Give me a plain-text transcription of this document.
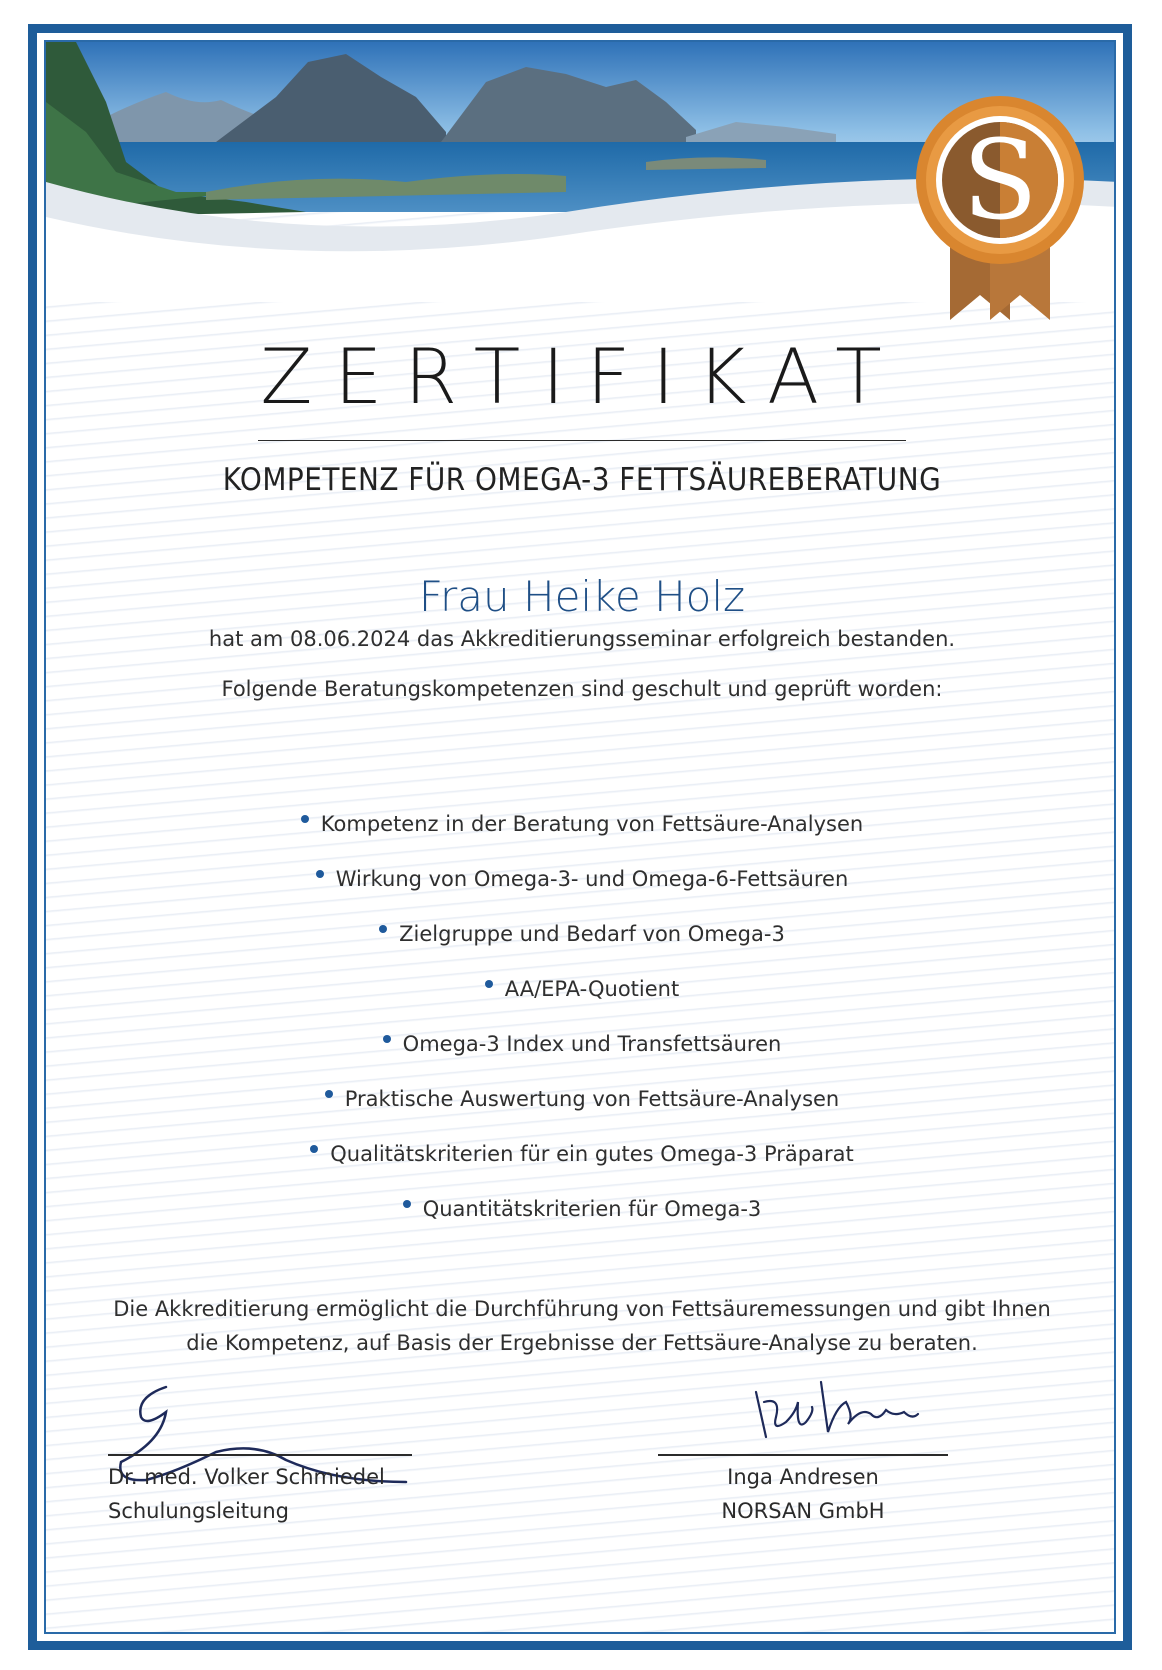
S
ZERTIFIKAT
KOMPETENZ FÜR OMEGA-3 FETTSÄUREBERATUNG
Frau Heike Holz
hat am 08.06.2024 das Akkreditierungsseminar erfolgreich bestanden.
Folgende Beratungskompetenzen sind geschult und geprüft worden:
Kompetenz in der Beratung von Fettsäure-Analysen
Wirkung von Omega-3- und Omega-6-Fettsäuren
Zielgruppe und Bedarf von Omega-3
AA/EPA-Quotient
Omega-3 Index und Transfettsäuren
Praktische Auswertung von Fettsäure-Analysen
Qualitätskriterien für ein gutes Omega-3 Präparat
Quantitätskriterien für Omega-3
Die Akkreditierung ermöglicht die Durchführung von Fettsäuremessungen und gibt Ihnen
die Kompetenz, auf Basis der Ergebnisse der Fettsäure-Analyse zu beraten.
Dr. med. Volker Schmiedel
Schulungsleitung
Inga Andresen
NORSAN GmbH
